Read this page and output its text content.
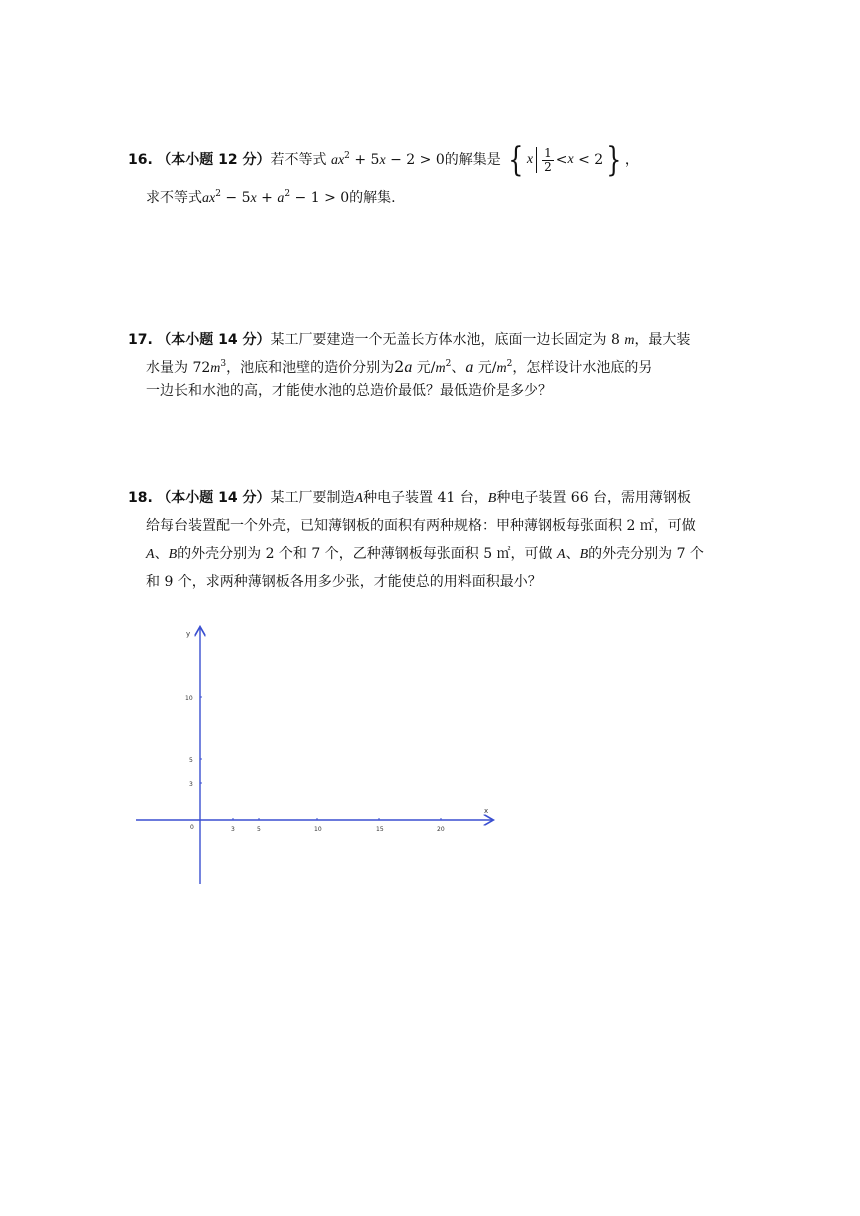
16. （本小题 12 分）若不等式 $ax^2 + 5x - 2 > 0$的解集是 { x $\frac{1}{2} < x < 2$ } ，
求不等式$ax^2 - 5x + a^2 - 1 > 0$的解集.
17. （本小题 14 分）某工厂要建造一个无盖长方体水池，底面一边长固定为 8 m，最大装
水量为 $72m^3$，池底和池壁的造价分别为2a 元$/m^2$、a 元$/m^2$，怎样设计水池底的另
一边长和水池的高，才能使水池的总造价最低？最低造价是多少？
18. （本小题 14 分）某工厂要制造A种电子装置 41 台，B种电子装置 66 台，需用薄钢板
给每台装置配一个外壳，已知薄钢板的面积有两种规格：甲种薄钢板每张面积 2 ㎡，可做
A、B的外壳分别为 2 个和 7 个，乙种薄钢板每张面积 5 ㎡，可做 A、B的外壳分别为 7 个
和 9 个，求两种薄钢板各用多少张，才能使总的用料面积最小？
x
y
0	3	5	10	15	20
10
5
3
